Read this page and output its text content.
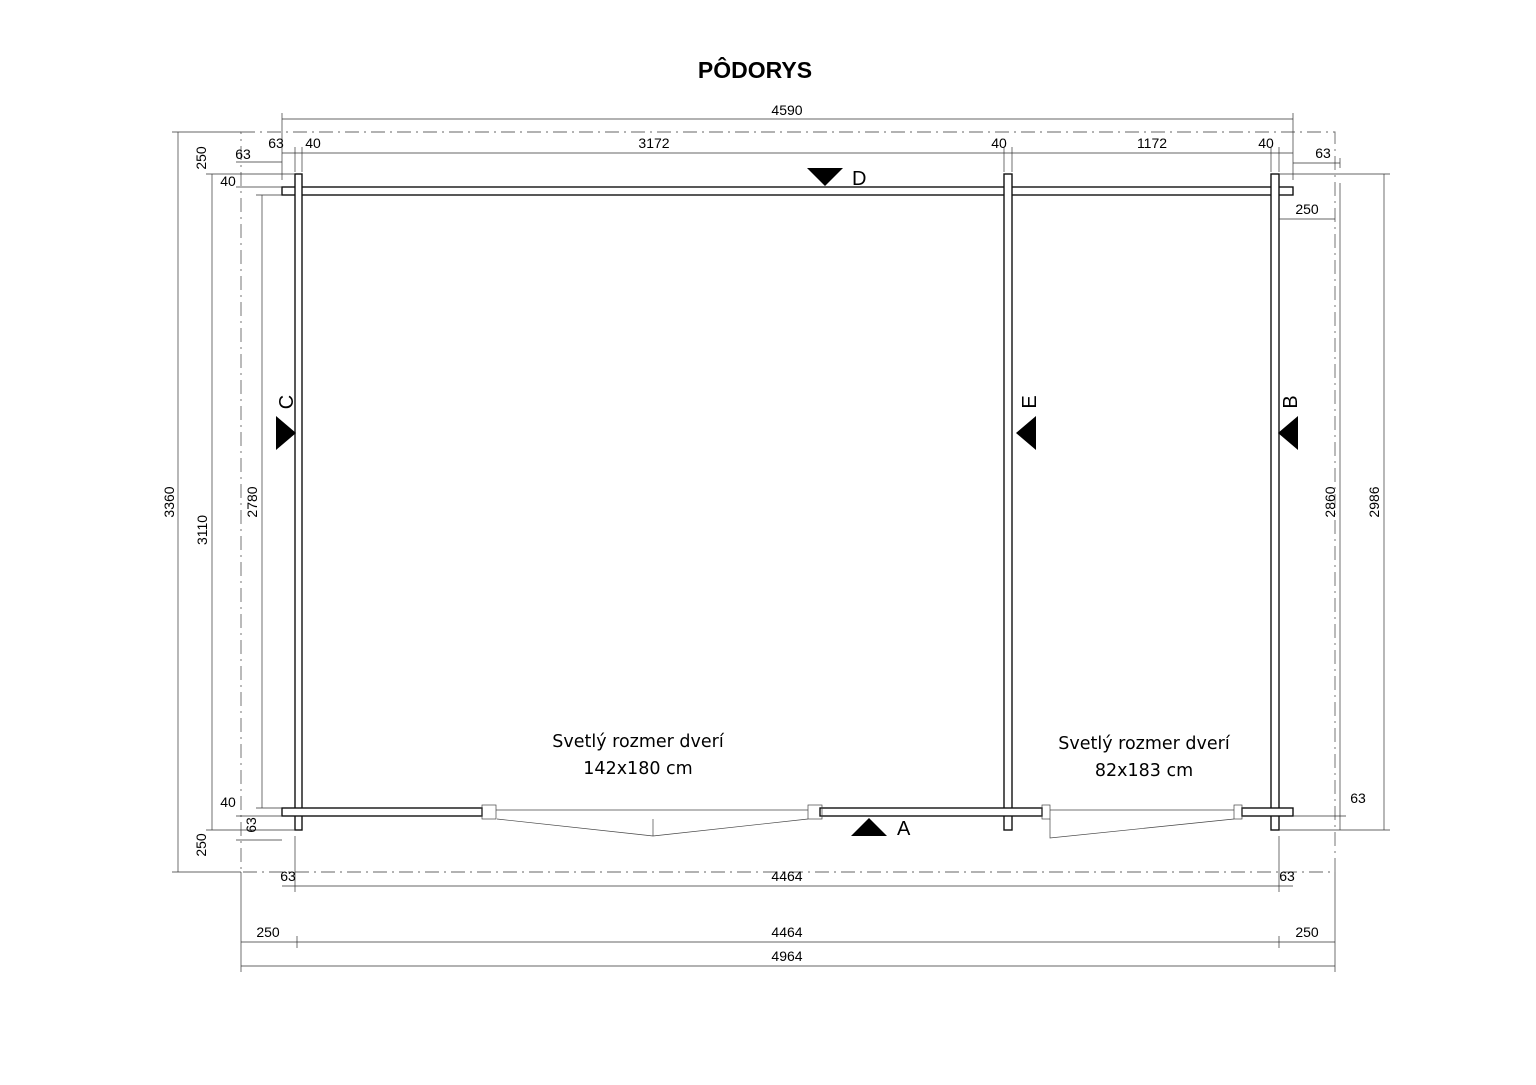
PÔDORYS
D
A
C	E	B
Svetlý rozmer dverí
142x180 cm
Svetlý rozmer dverí
82x183 cm
4590
63 40	3172	40	1172	40
63
250 63
40
3360
3110
2780
40
63
250
250
2860 2986
63
63	4464	63
250	4464	250
4964
